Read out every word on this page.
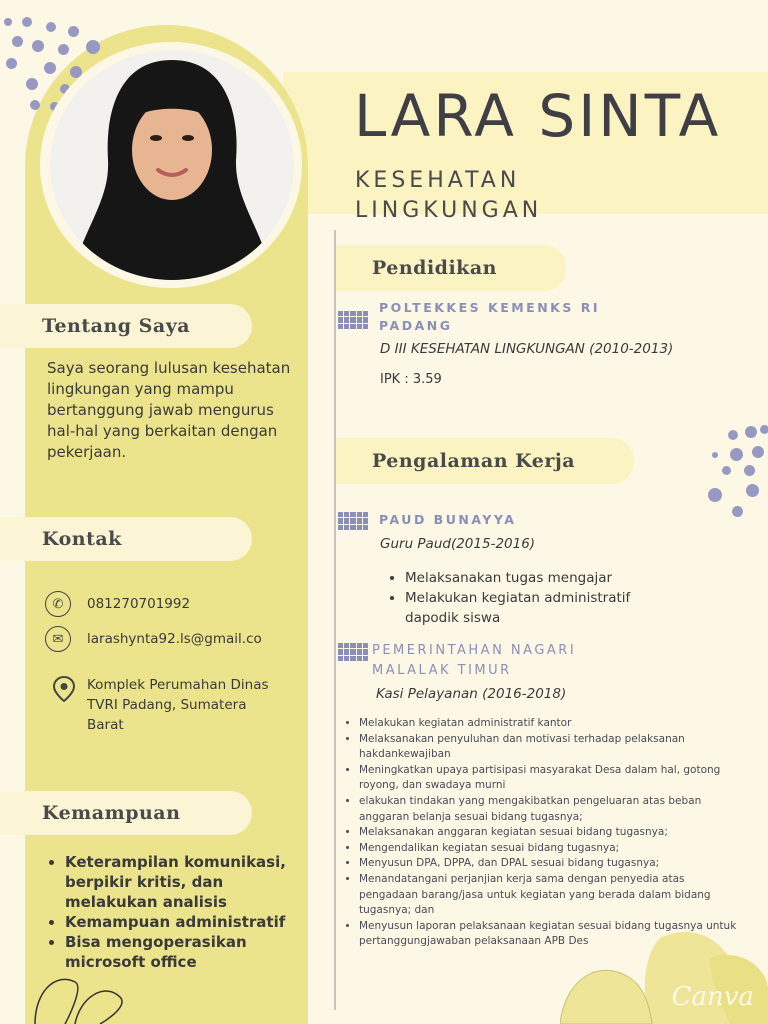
LARA SINTA
KESEHATAN
LINGKUNGAN
Tentang Saya

Saya seorang lulusan kesehatan lingkungan yang mampu bertanggung jawab mengurus hal-hal yang berkaitan dengan pekerjaan.

Kontak
✆	081270701992
✉	larashynta92.ls@gmail.co
Komplek Perumahan Dinas
TVRI Padang, Sumatera
Barat
Kemampuan
• Keterampilan komunikasi, berpikir kritis, dan melakukan analisis
• Kemampuan administratif
• Bisa mengoperasikan microsoft office
Pendidikan
POLTEKKES KEMENKS RI
PADANG
D III KESEHATAN LINGKUNGAN (2010-2013)
IPK : 3.59
Pengalaman Kerja
PAUD BUNAYYA
Guru Paud(2015-2016)
• Melaksanakan tugas mengajar
• Melakukan kegiatan administratif dapodik siswa
PEMERINTAHAN NAGARI
MALALAK TIMUR
Kasi Pelayanan (2016-2018)
• Melakukan kegiatan administratif kantor
• Melaksanakan penyuluhan dan motivasi terhadap pelaksanan hakdankewajiban
• Meningkatkan upaya partisipasi masyarakat Desa dalam hal, gotong royong, dan swadaya murni
• elakukan tindakan yang mengakibatkan pengeluaran atas beban anggaran belanja sesuai bidang tugasnya;
• Melaksanakan anggaran kegiatan sesuai bidang tugasnya;
• Mengendalikan kegiatan sesuai bidang tugasnya;
• Menyusun DPA, DPPA, dan DPAL sesuai bidang tugasnya;
• Menandatangani perjanjian kerja sama dengan penyedia atas pengadaan barang/jasa untuk kegiatan yang berada dalam bidang tugasnya; dan
• Menyusun laporan pelaksanaan kegiatan sesuai bidang tugasnya untuk pertanggungjawaban pelaksanaan APB Des
Canva
